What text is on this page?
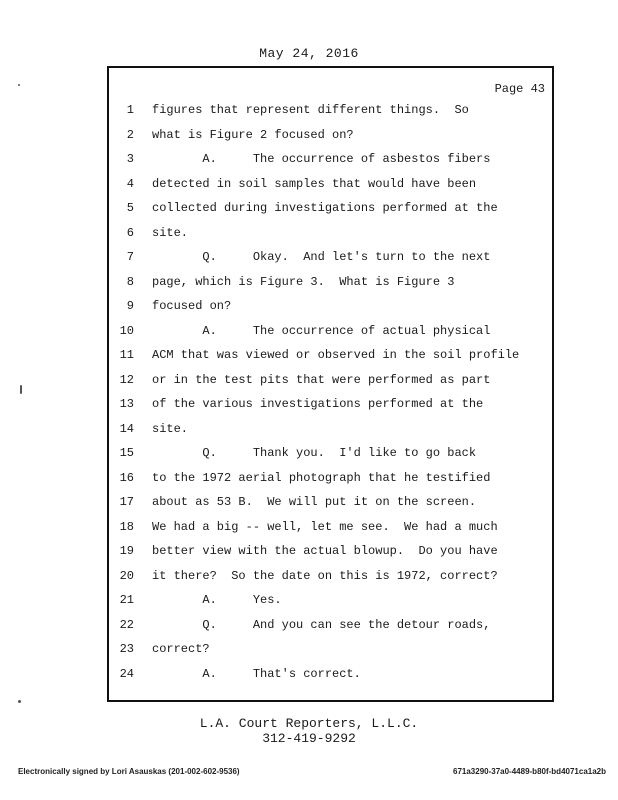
May 24, 2016
Page 43
1 figures that represent different things.  So
2 what is Figure 2 focused on?
3 A.     The occurrence of asbestos fibers
4 detected in soil samples that would have been
5 collected during investigations performed at the
6 site.
7 Q.     Okay.  And let's turn to the next
8 page, which is Figure 3.  What is Figure 3
9 focused on?
10 A.     The occurrence of actual physical
11 ACM that was viewed or observed in the soil profile
12 or in the test pits that were performed as part
13 of the various investigations performed at the
14 site.
15 Q.     Thank you.  I'd like to go back
16 to the 1972 aerial photograph that he testified
17 about as 53 B.  We will put it on the screen.
18 We had a big -- well, let me see.  We had a much
19 better view with the actual blowup.  Do you have
20 it there?  So the date on this is 1972, correct?
21 A.     Yes.
22 Q.     And you can see the detour roads,
23 correct?
24 A.     That's correct.
L.A. Court Reporters, L.L.C.
312-419-9292
Electronically signed by Lori Asauskas (201-002-602-9536)	671a3290-37a0-4489-b80f-bd4071ca1a2b
